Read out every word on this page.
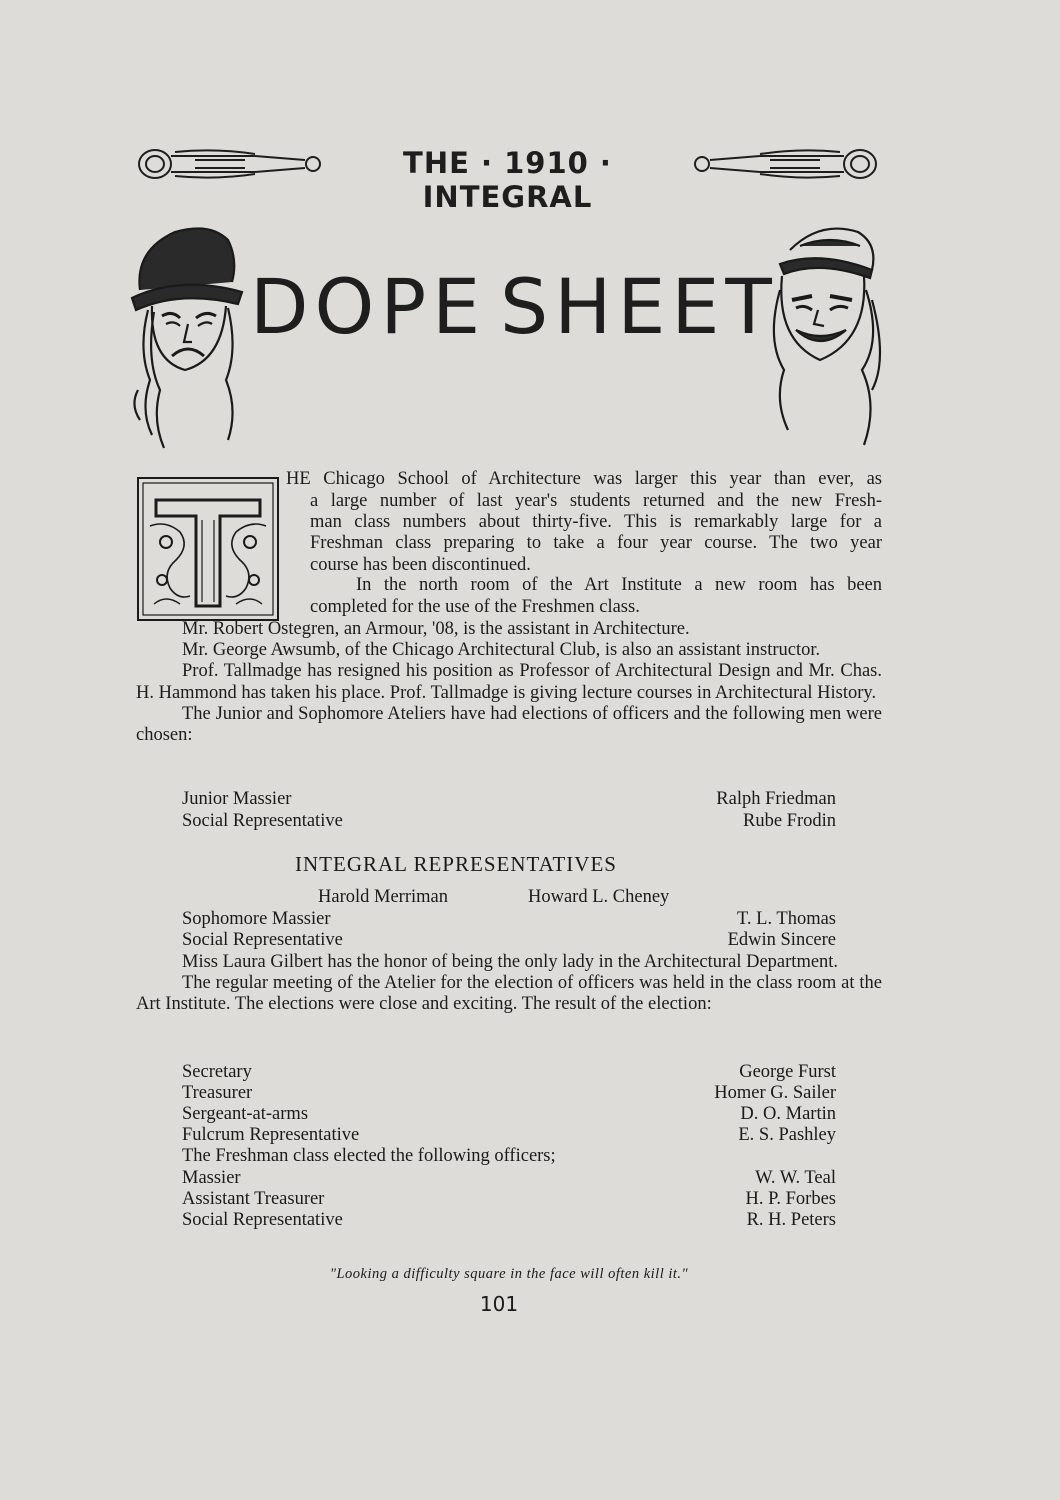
THE · 1910 · INTEGRAL
DOPE SHEET

HE Chicago School of Architecture was larger this year than ever, as

a large number of last year's students returned and the new Fresh-

man class numbers about thirty-five. This is remarkably large for a

Freshman class preparing to take a four year course. The two year

course has been discontinued.

In the north room of the Art Institute a new room has been

completed for the use of the Freshmen class.

Mr. Robert Ostegren, an Armour, '08, is the assistant in Architecture.

Mr. George Awsumb, of the Chicago Architectural Club, is also an assistant instructor.

Prof. Tallmadge has resigned his position as Professor of Architectural Design and Mr. Chas. H. Hammond has taken his place. Prof. Tallmadge is giving lecture courses in Architectural History.

The Junior and Sophomore Ateliers have had elections of officers and the following men were chosen:

Junior Massier	Ralph Friedman
Social Representative	Rube Frodin
INTEGRAL REPRESENTATIVES
Harold Merriman	Howard L. Cheney
Sophomore Massier	T. L. Thomas
Social Representative	Edwin Sincere

Miss Laura Gilbert has the honor of being the only lady in the Architectural Department.

The regular meeting of the Atelier for the election of officers was held in the class room at the Art Institute. The elections were close and exciting. The result of the election:

Secretary	George Furst
Treasurer	Homer G. Sailer
Sergeant-at-arms	D. O. Martin
Fulcrum Representative	E. S. Pashley
The Freshman class elected the following officers;
Massier	W. W. Teal
Assistant Treasurer	H. P. Forbes
Social Representative	R. H. Peters
"Looking a difficulty square in the face will often kill it."
101
